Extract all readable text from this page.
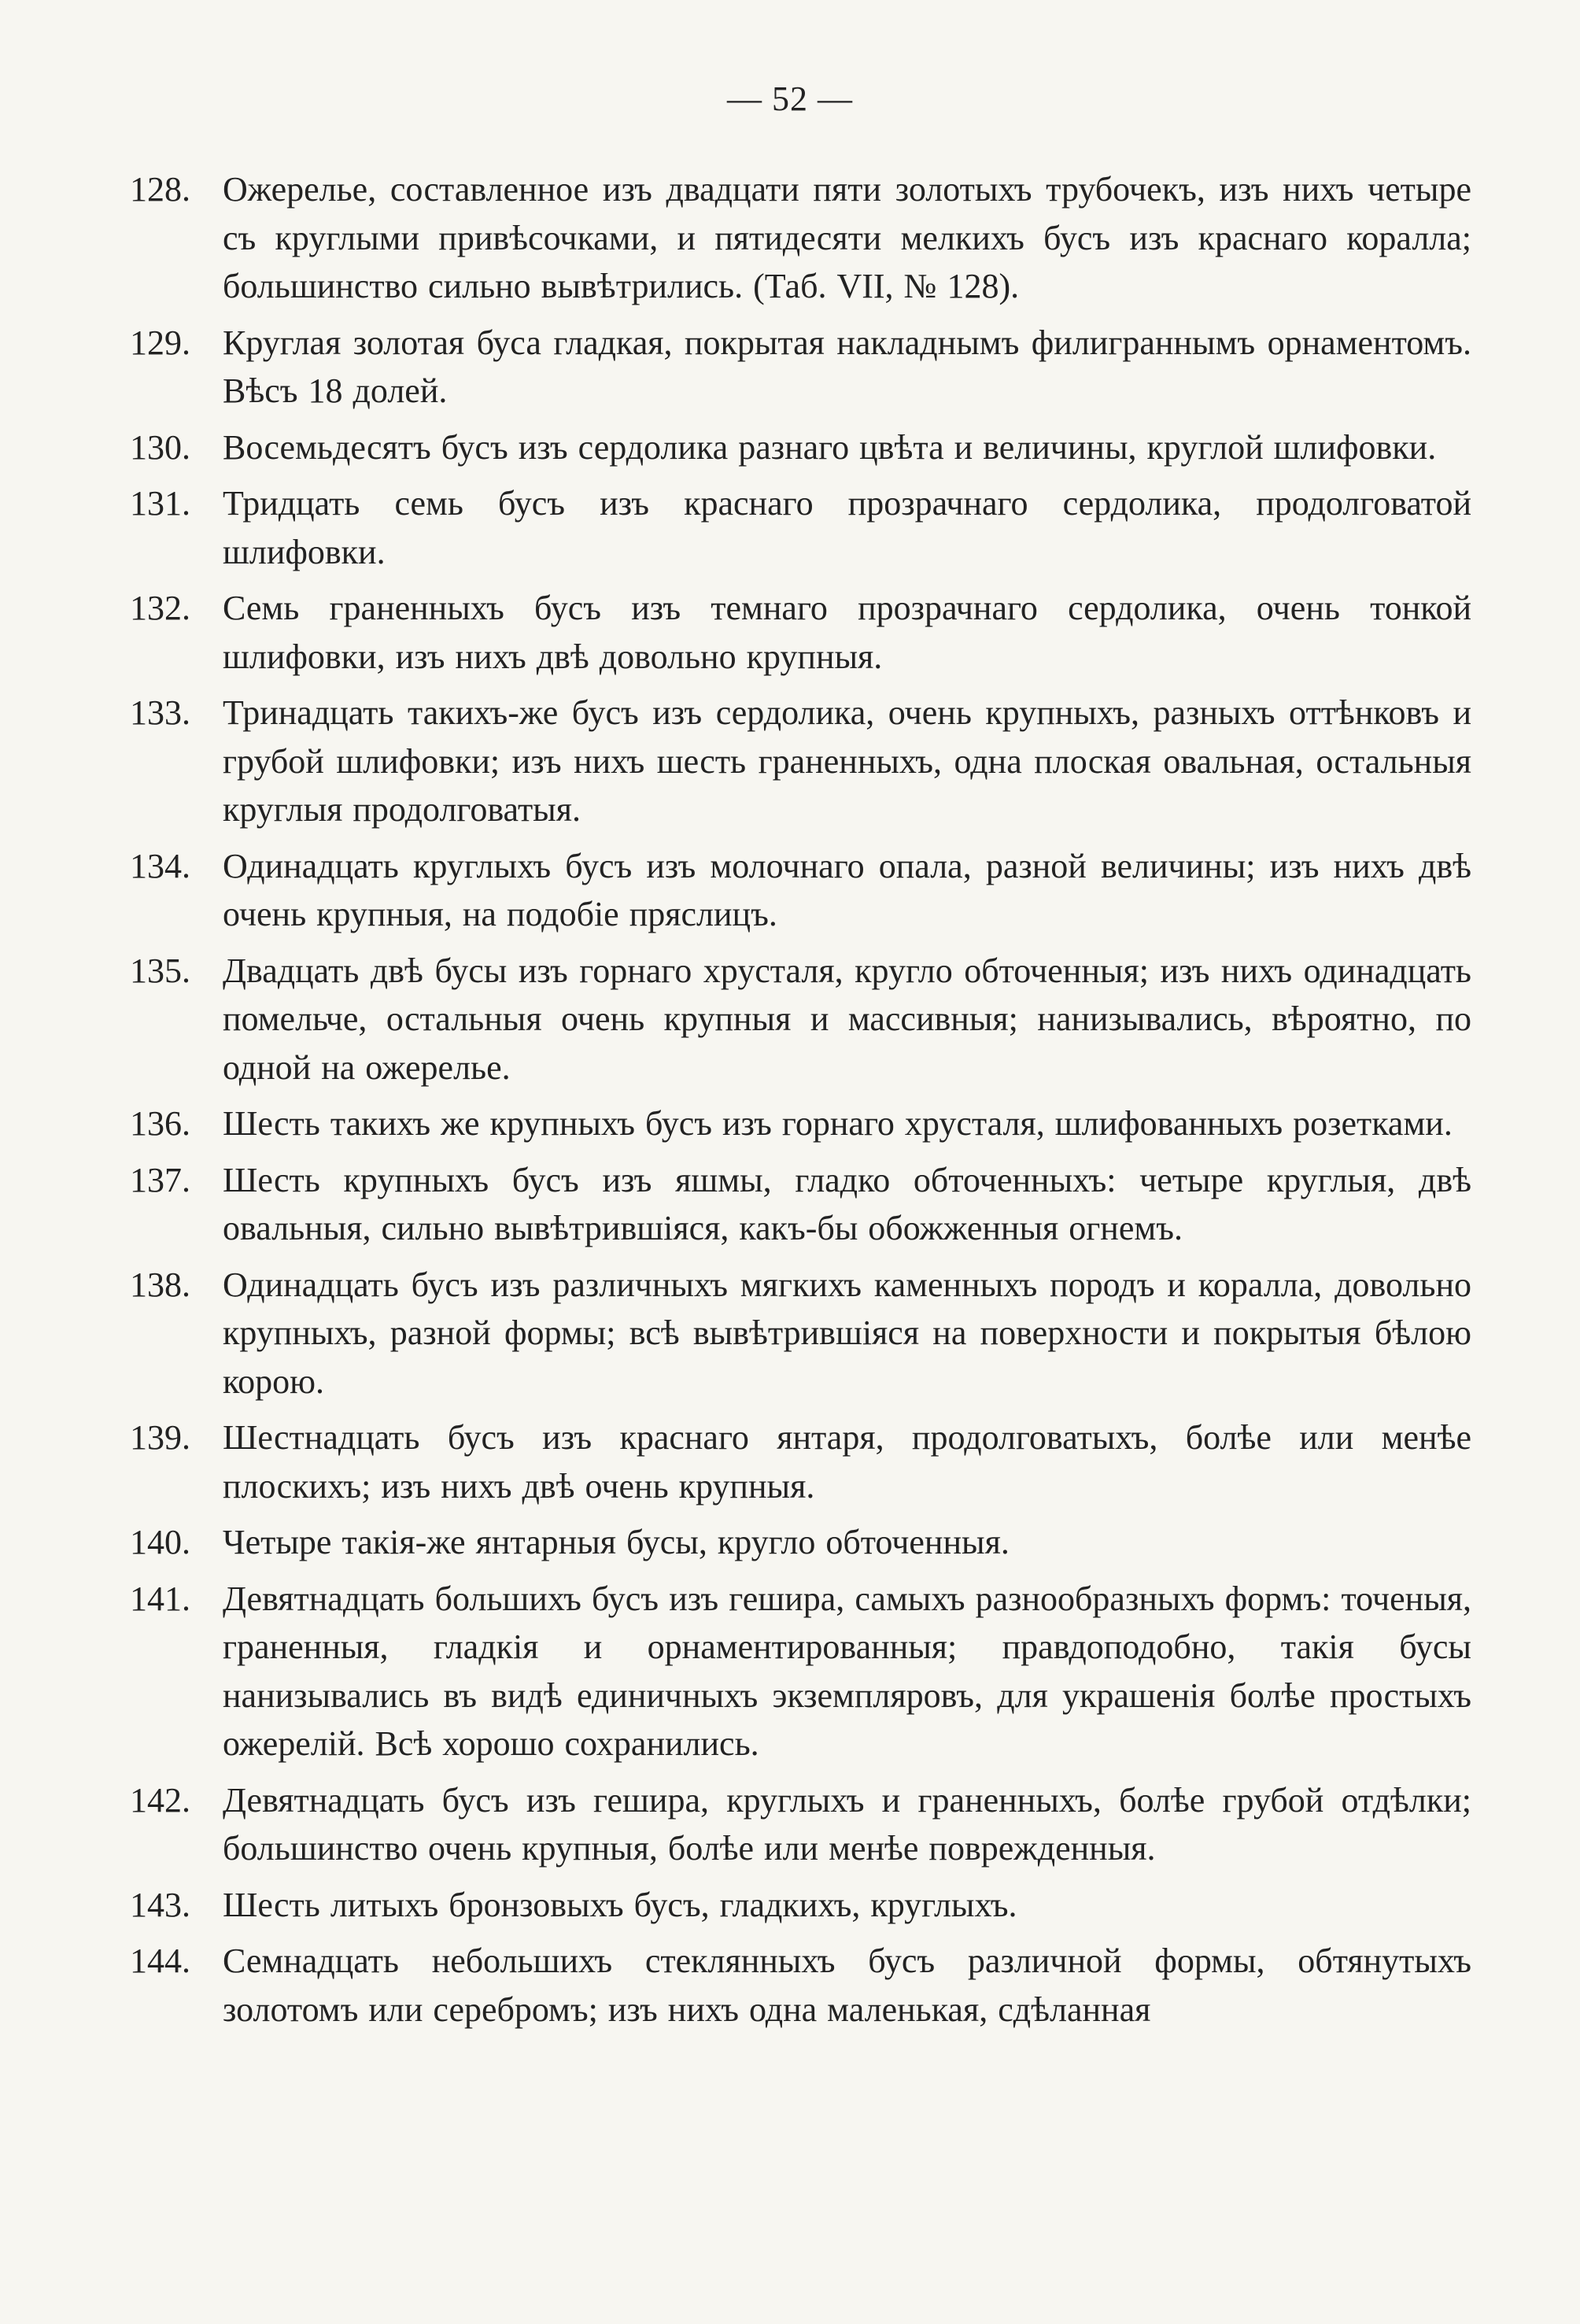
— 52 —
128. Ожерелье, составленное изъ двадцати пяти золотыхъ трубочекъ, изъ нихъ четыре съ круглыми привѣсочками, и пятидесяти мелкихъ бусъ изъ краснаго коралла; большинство сильно вывѣтрились. (Таб. VII, № 128).
129. Круглая золотая буса гладкая, покрытая накладнымъ филиграннымъ орнаментомъ. Вѣсъ 18 долей.
130. Восемьдесятъ бусъ изъ сердолика разнаго цвѣта и величины, круглой шлифовки.
131. Тридцать семь бусъ изъ краснаго прозрачнаго сердолика, продолговатой шлифовки.
132. Семь граненныхъ бусъ изъ темнаго прозрачнаго сердолика, очень тонкой шлифовки, изъ нихъ двѣ довольно крупныя.
133. Тринадцать такихъ-же бусъ изъ сердолика, очень крупныхъ, разныхъ оттѣнковъ и грубой шлифовки; изъ нихъ шесть граненныхъ, одна плоская овальная, остальныя круглыя продолговатыя.
134. Одинадцать круглыхъ бусъ изъ молочнаго опала, разной величины; изъ нихъ двѣ очень крупныя, на подобіе пряслицъ.
135. Двадцать двѣ бусы изъ горнаго хрусталя, кругло обточенныя; изъ нихъ одинадцать помельче, остальныя очень крупныя и массивныя; нанизывались, вѣроятно, по одной на ожерелье.
136. Шесть такихъ же крупныхъ бусъ изъ горнаго хрусталя, шлифованныхъ розетками.
137. Шесть крупныхъ бусъ изъ яшмы, гладко обточенныхъ: четыре круглыя, двѣ овальныя, сильно вывѣтрившіяся, какъ-бы обожженныя огнемъ.
138. Одинадцать бусъ изъ различныхъ мягкихъ каменныхъ породъ и коралла, довольно крупныхъ, разной формы; всѣ вывѣтрившіяся на поверхности и покрытыя бѣлою корою.
139. Шестнадцать бусъ изъ краснаго янтаря, продолговатыхъ, болѣе или менѣе плоскихъ; изъ нихъ двѣ очень крупныя.
140. Четыре такія-же янтарныя бусы, кругло обточенныя.
141. Девятнадцать большихъ бусъ изъ гешира, самыхъ разнообразныхъ формъ: точеныя, граненныя, гладкія и орнаментированныя; правдоподобно, такія бусы нанизывались въ видѣ единичныхъ экземпляровъ, для украшенія болѣе простыхъ ожерелій. Всѣ хорошо сохранились.
142. Девятнадцать бусъ изъ гешира, круглыхъ и граненныхъ, болѣе грубой отдѣлки; большинство очень крупныя, болѣе или менѣе поврежденныя.
143. Шесть литыхъ бронзовыхъ бусъ, гладкихъ, круглыхъ.
144. Семнадцать небольшихъ стеклянныхъ бусъ различной формы, обтянутыхъ золотомъ или серебромъ; изъ нихъ одна маленькая, сдѣланная
